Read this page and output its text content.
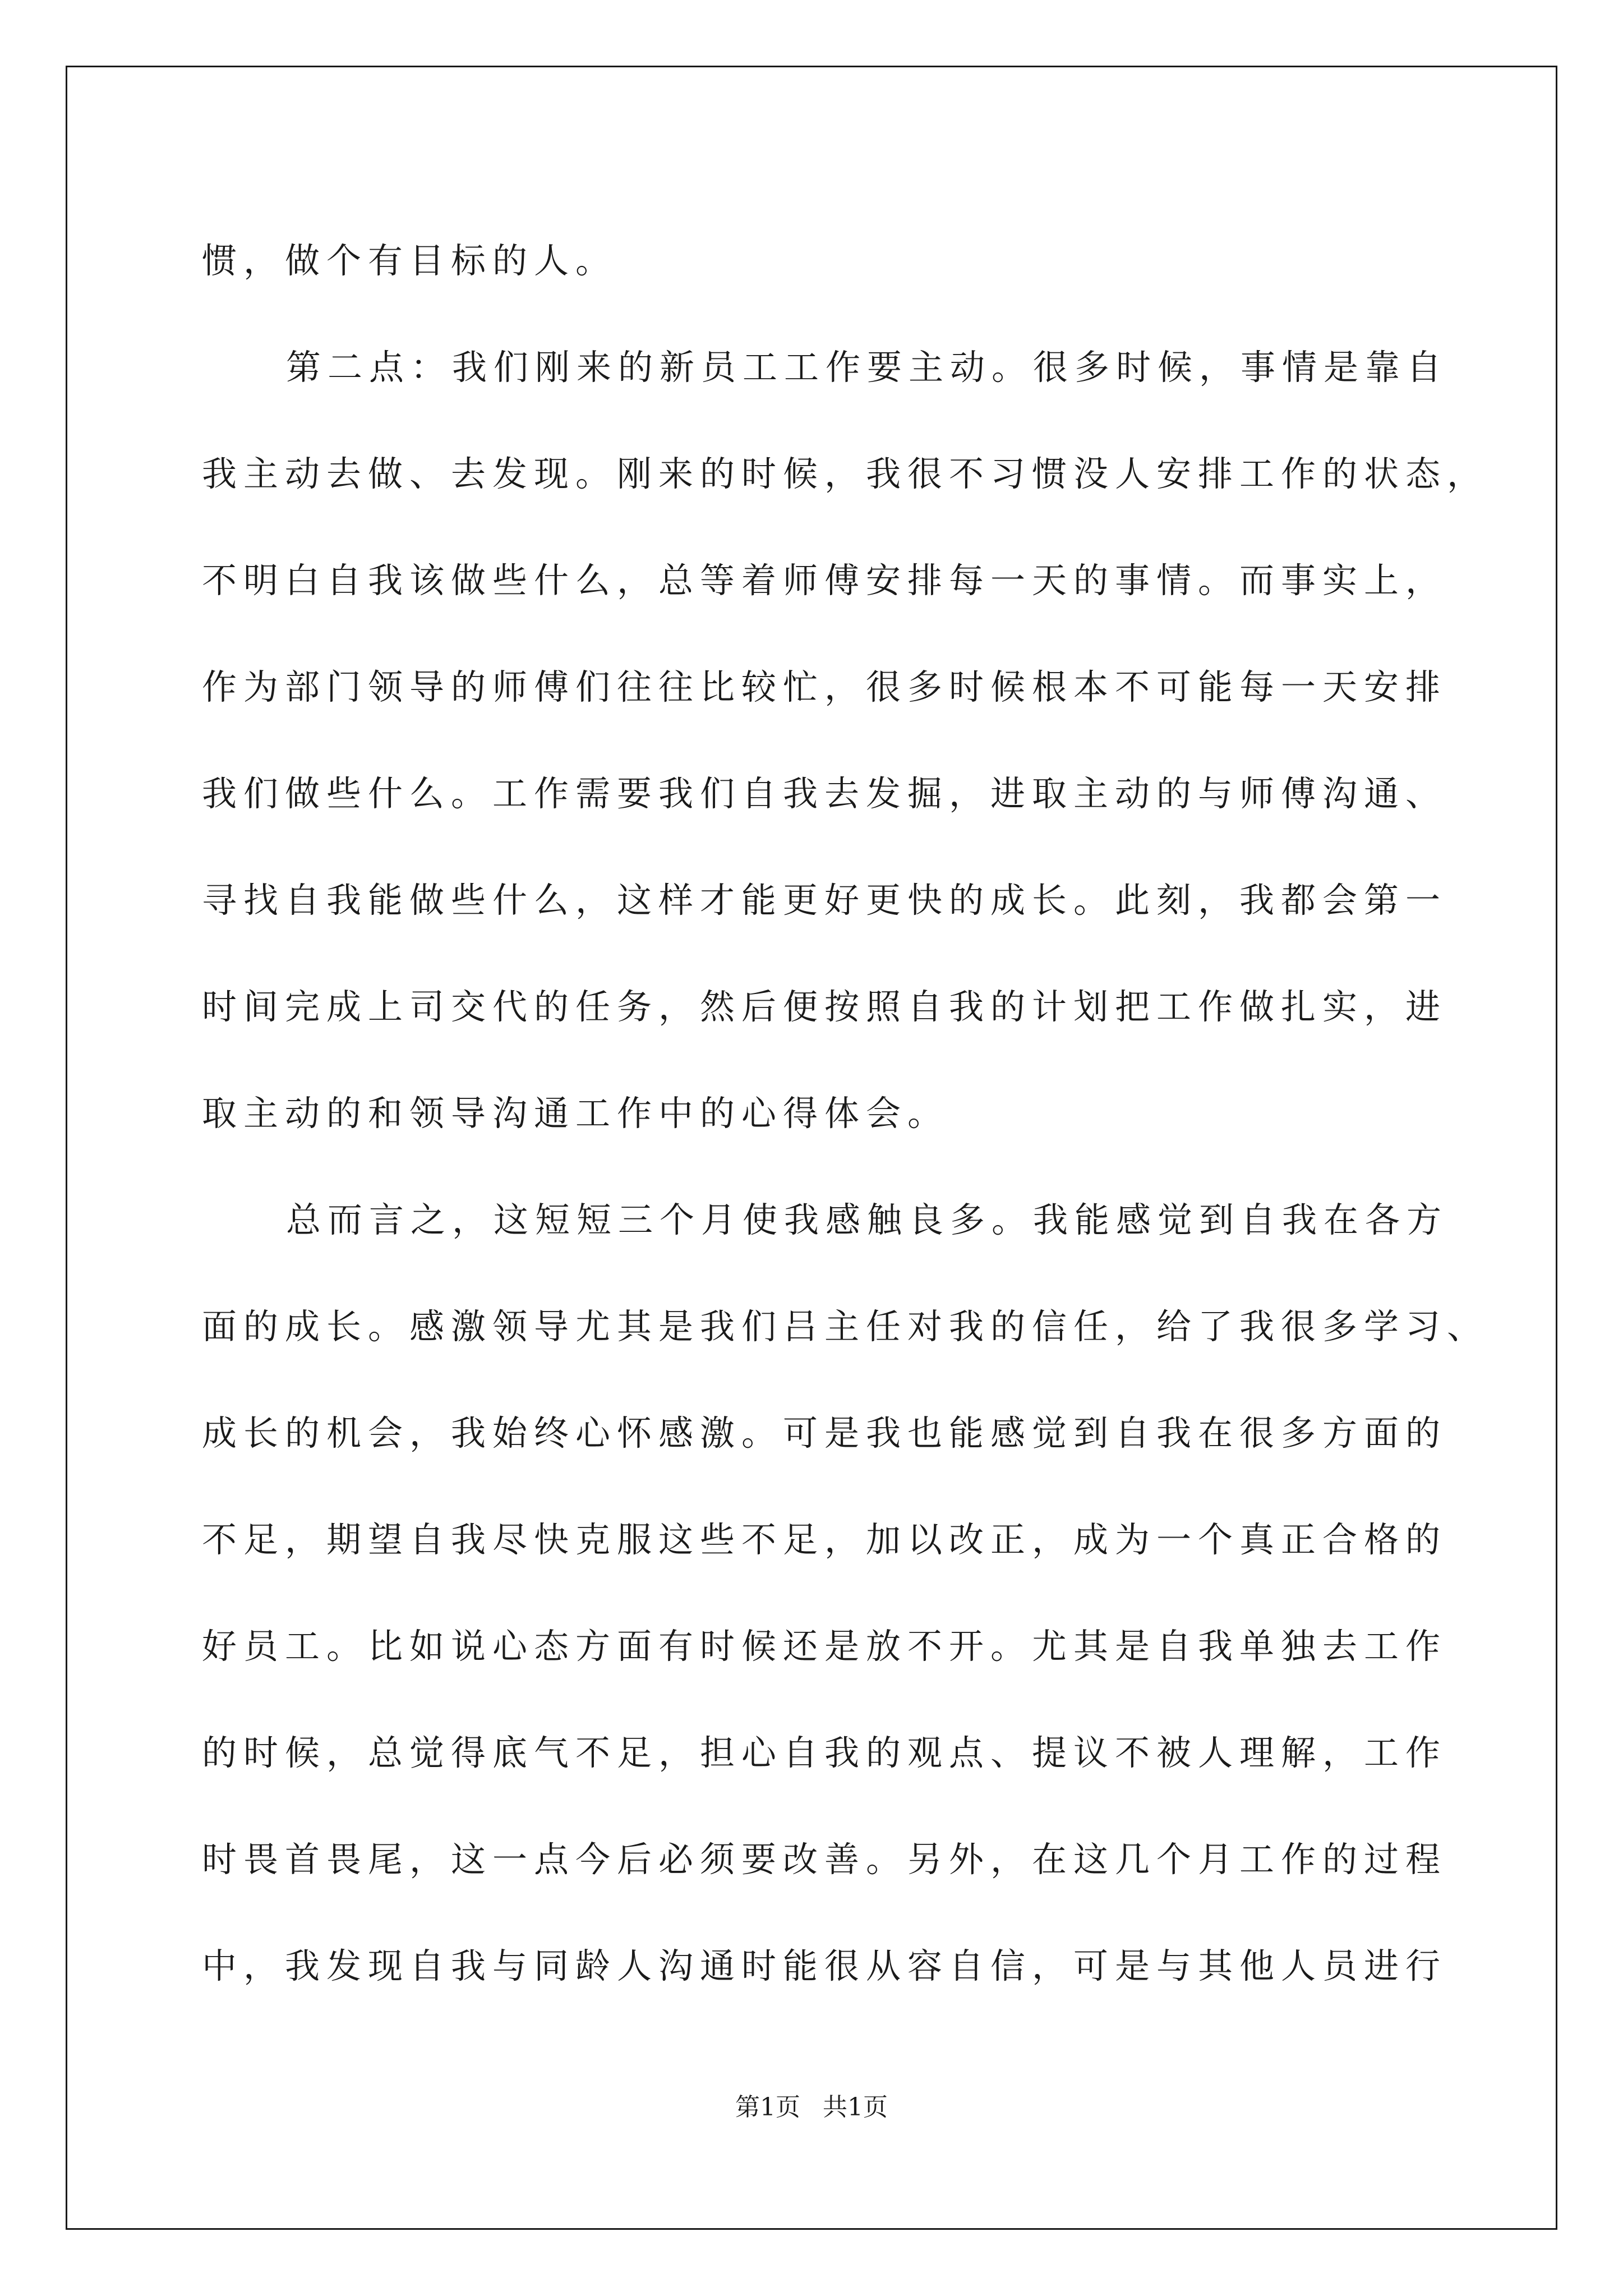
惯，做个有目标的人。
第二点：我们刚来的新员工工作要主动。很多时候，事情是靠自
我主动去做、去发现。刚来的时候，我很不习惯没人安排工作的状态，
不明白自我该做些什么，总等着师傅安排每一天的事情。而事实上，
作为部门领导的师傅们往往比较忙，很多时候根本不可能每一天安排
我们做些什么。工作需要我们自我去发掘，进取主动的与师傅沟通、
寻找自我能做些什么，这样才能更好更快的成长。此刻，我都会第一
时间完成上司交代的任务，然后便按照自我的计划把工作做扎实，进
取主动的和领导沟通工作中的心得体会。
总而言之，这短短三个月使我感触良多。我能感觉到自我在各方
面的成长。感激领导尤其是我们吕主任对我的信任，给了我很多学习、
成长的机会，我始终心怀感激。可是我也能感觉到自我在很多方面的
不足，期望自我尽快克服这些不足，加以改正，成为一个真正合格的
好员工。比如说心态方面有时候还是放不开。尤其是自我单独去工作
的时候，总觉得底气不足，担心自我的观点、提议不被人理解，工作
时畏首畏尾，这一点今后必须要改善。另外，在这几个月工作的过程
中，我发现自我与同龄人沟通时能很从容自信，可是与其他人员进行
第1页 共1页
